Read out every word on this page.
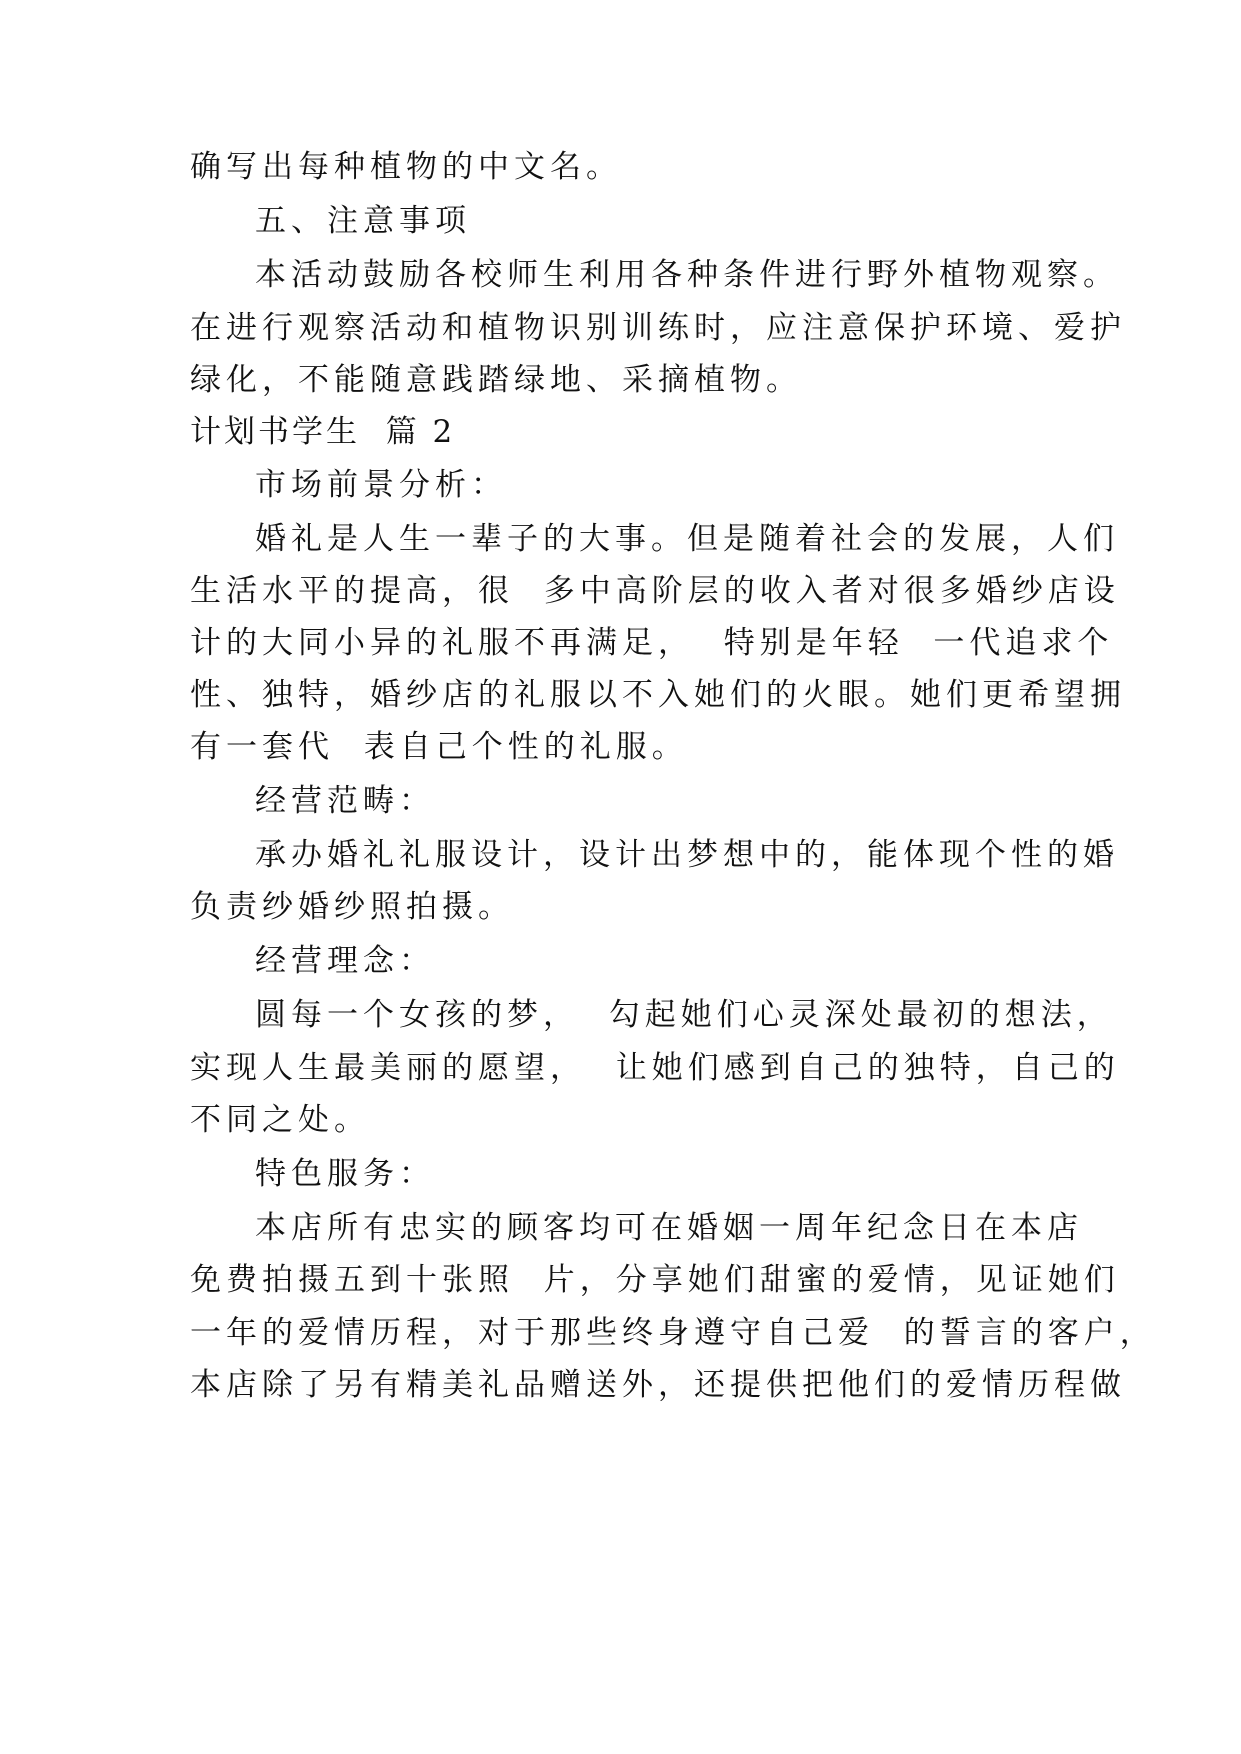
确写出每种植物的中文名。
五、注意事项
本活动鼓励各校师生利用各种条件进行野外植物观察。
在进行观察活动和植物识别训练时，应注意保护环境、爱护
绿化，不能随意践踏绿地、采摘植物。
计划书学生  篇 2
市场前景分析：
婚礼是人生一辈子的大事。但是随着社会的发展，人们
生活水平的提高，很  多中高阶层的收入者对很多婚纱店设
计的大同小异的礼服不再满足，  特别是年轻  一代追求个
性、独特，婚纱店的礼服以不入她们的火眼。她们更希望拥
有一套代  表自己个性的礼服。
经营范畴：
承办婚礼礼服设计，设计出梦想中的，能体现个性的婚
负责纱婚纱照拍摄。
经营理念：
圆每一个女孩的梦，  勾起她们心灵深处最初的想法，
实现人生最美丽的愿望，  让她们感到自己的独特，自己的
不同之处。
特色服务：
本店所有忠实的顾客均可在婚姻一周年纪念日在本店
免费拍摄五到十张照  片，分享她们甜蜜的爱情，见证她们
一年的爱情历程，对于那些终身遵守自己爱  的誓言的客户，
本店除了另有精美礼品赠送外，还提供把他们的爱情历程做
